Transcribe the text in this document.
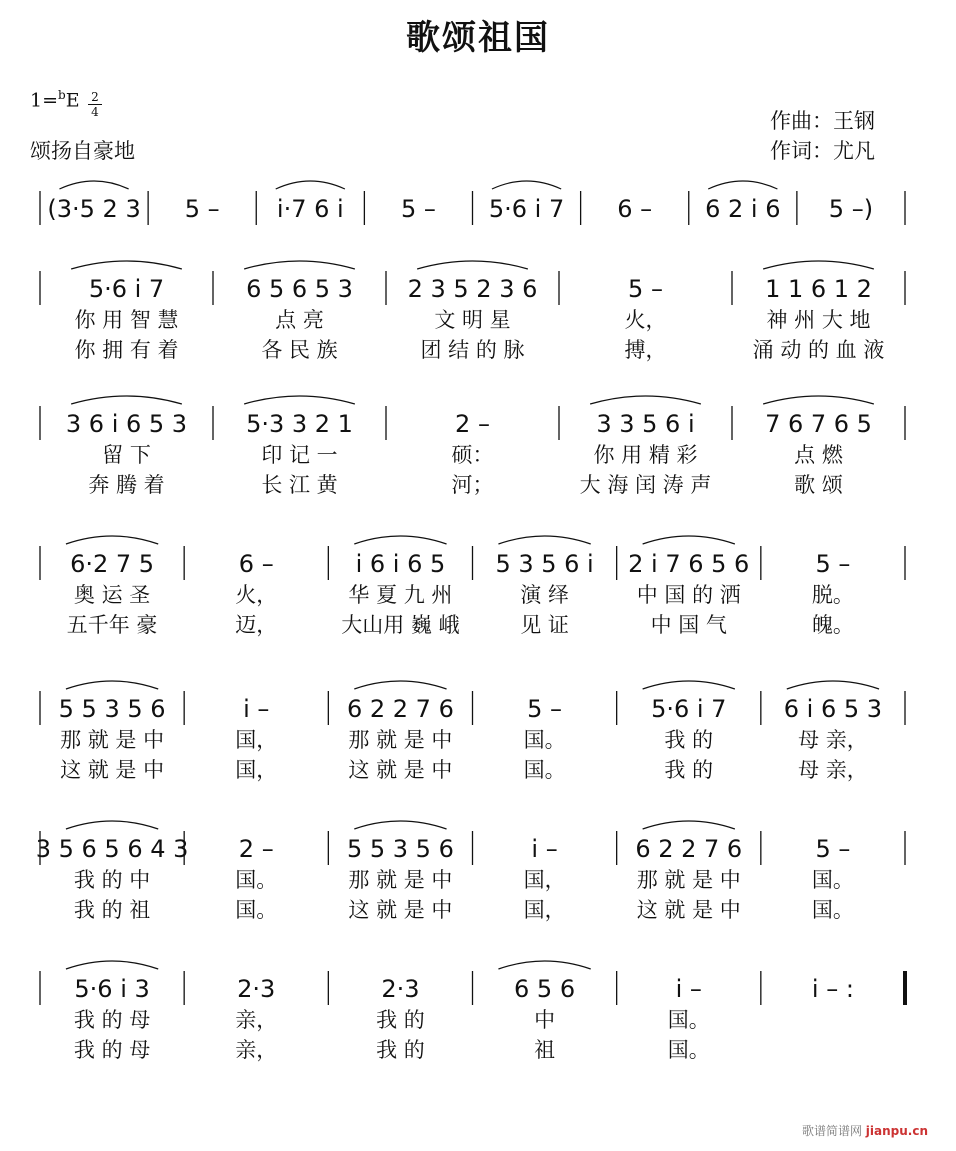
歌颂祖国
1=$^b$E 2
4
颂扬自豪地
作曲：王钢
作词：尤凡
(3·5 2 3 5 – i·7 6 i 5 – 5·6 i 7 6 – 6 2 i 6 5 –)
5·6 i 7
你 用 智 慧
你 拥 有 着
6 5 6 5 3
点 亮
各 民 族
2 3 5 2 3 6
文 明 星
团 结 的 脉
5 –
火，
搏，
1 1 6 1 2
神 州 大 地
涌 动 的 血 液
3 6 i 6 5 3
留 下
奔 腾 着
5·3 3 2 1
印 记 一
长 江 黄
2 –
硕：
河；
3 3 5 6 i
你 用 精 彩
大 海 闰 涛 声
7 6 7 6 5
点 燃
歌 颂
6·2 7 5
奥 运 圣
五千年 豪
6 –
火，
迈，
i 6 i 6 5
华 夏 九 州
大山用 巍 峨
5 3 5 6 i
演 绎
见 证
2 i 7 6 5 6
中 国 的 洒
中 国 气
5 –
脱。
魄。
5 5 3 5 6
那 就 是 中
这 就 是 中
i –
国，
国，
6 2 2 7 6
那 就 是 中
这 就 是 中
5 –
国。
国。
5·6 i 7
我 的
我 的
6 i 6 5 3
母 亲，
母 亲，
3 5 6 5 6 4 3
我 的 中
我 的 祖
2 –
国。
国。
5 5 3 5 6
那 就 是 中
这 就 是 中
i –
国，
国，
6 2 2 7 6
那 就 是 中
这 就 是 中
5 –
国。
国。
5·6 i 3
我 的 母
我 的 母
2·3
亲，
亲，
2·3
我 的
我 的
6 5 6
中
祖
i –
国。
国。
i – :
歌谱简谱网 jianpu.cn
